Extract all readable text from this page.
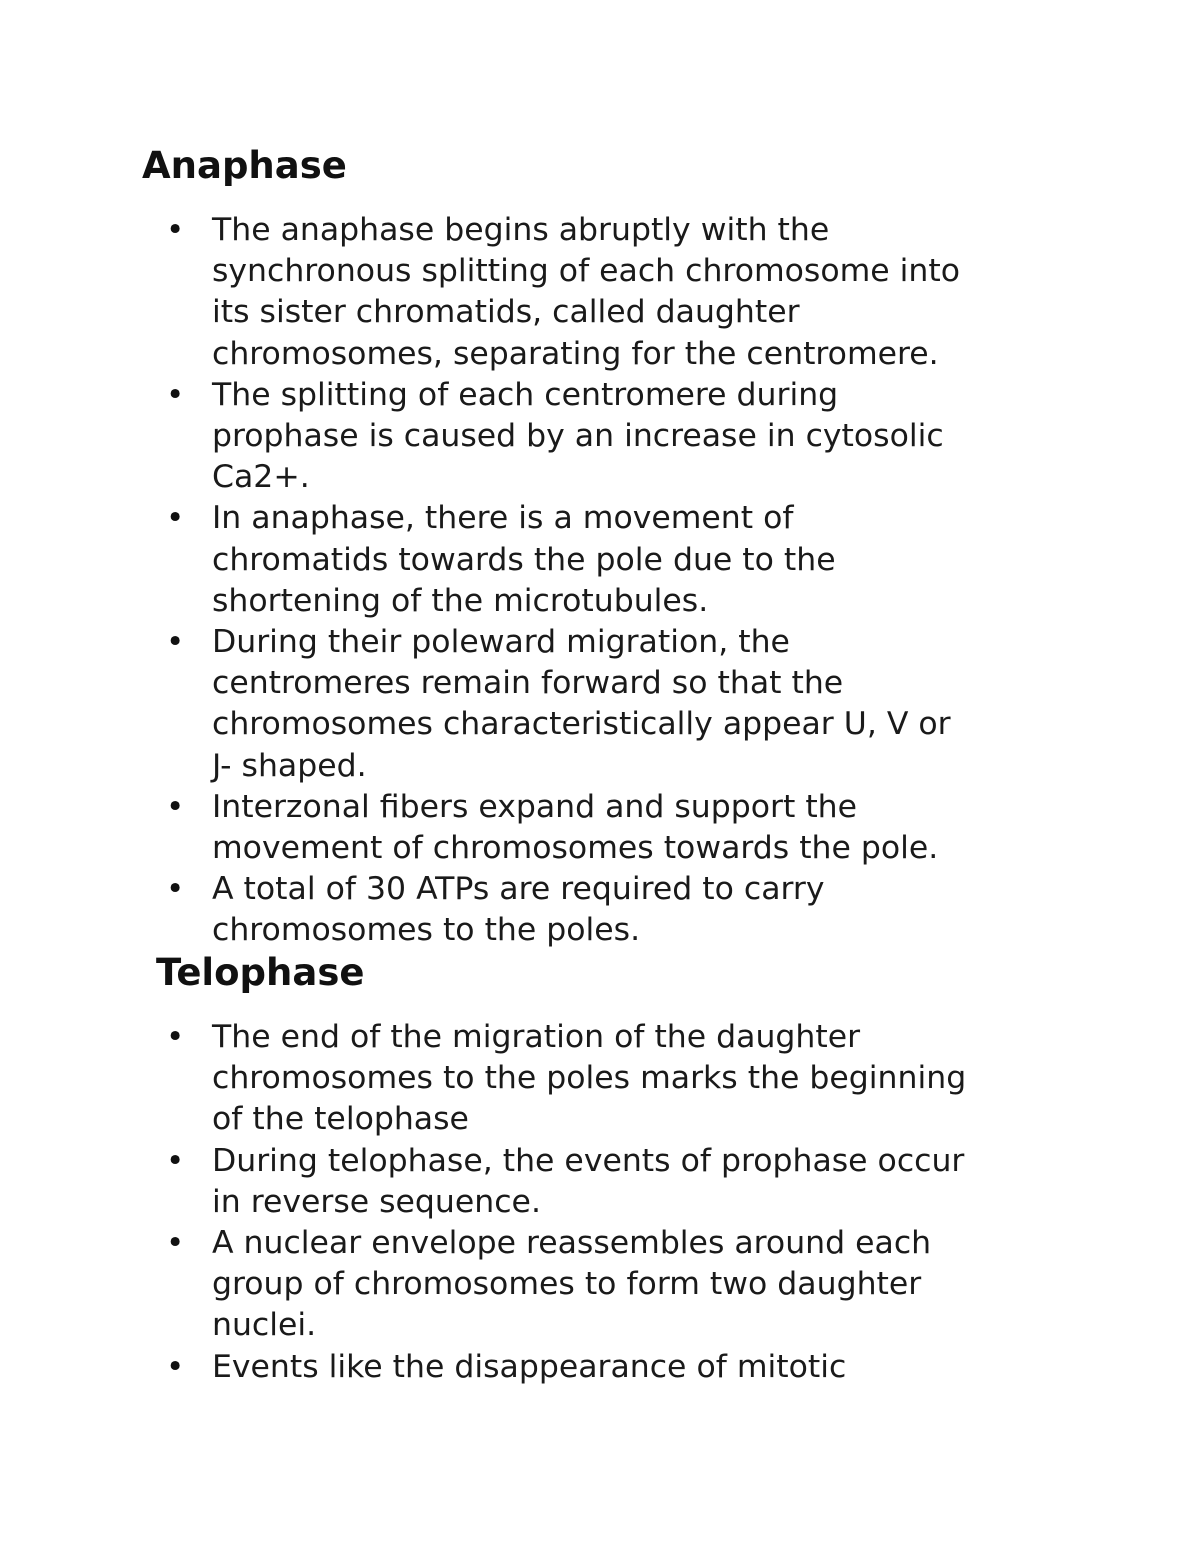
Anaphase
• The anaphase begins abruptly with the
synchronous splitting of each chromosome into
its sister chromatids, called daughter
chromosomes, separating for the centromere.
• The splitting of each centromere during
prophase is caused by an increase in cytosolic
Ca2+.
• In anaphase, there is a movement of
chromatids towards the pole due to the
shortening of the microtubules.
• During their poleward migration, the
centromeres remain forward so that the
chromosomes characteristically appear U, V or
J- shaped.
• Interzonal fibers expand and support the
movement of chromosomes towards the pole.
• A total of 30 ATPs are required to carry
chromosomes to the poles.
Telophase
• The end of the migration of the daughter
chromosomes to the poles marks the beginning
of the telophase
• During telophase, the events of prophase occur
in reverse sequence.
• A nuclear envelope reassembles around each
group of chromosomes to form two daughter
nuclei.
• Events like the disappearance of mitotic
